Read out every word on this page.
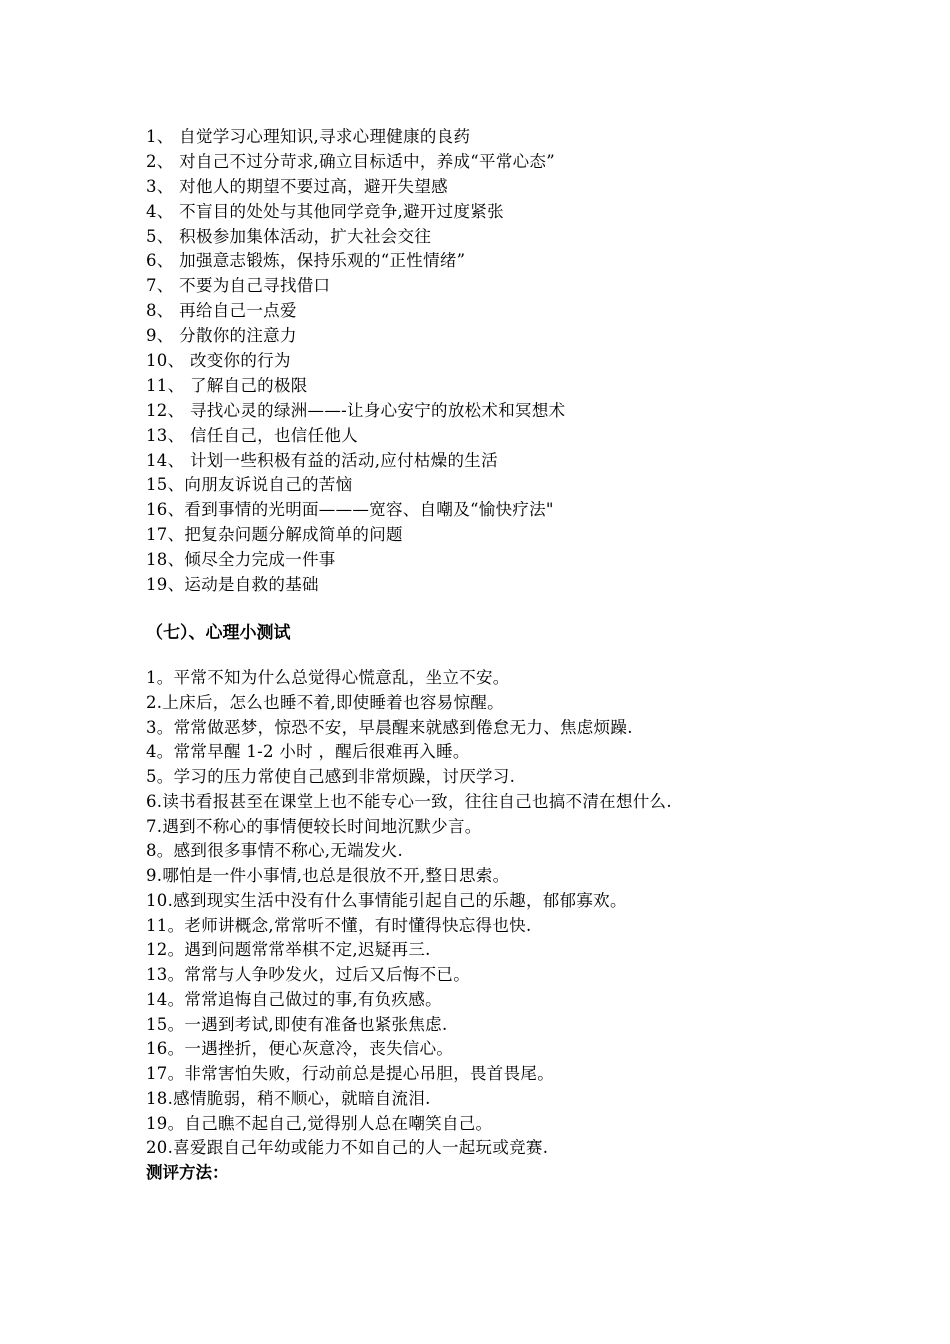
1、 自觉学习心理知识,寻求心理健康的良药
2、 对自己不过分苛求,确立目标适中，养成“平常心态”
3、 对他人的期望不要过高，避开失望感
4、 不盲目的处处与其他同学竞争,避开过度紧张
5、 积极参加集体活动，扩大社会交往
6、 加强意志锻炼，保持乐观的“正性情绪”
7、 不要为自己寻找借口
8、 再给自己一点爱
9、 分散你的注意力
10、 改变你的行为
11、 了解自己的极限
12、 寻找心灵的绿洲——-让身心安宁的放松术和冥想术
13、 信任自己，也信任他人
14、 计划一些积极有益的活动,应付枯燥的生活
15、向朋友诉说自己的苦恼
16、看到事情的光明面———宽容、自嘲及“愉快疗法"
17、把复杂问题分解成简单的问题
18、倾尽全力完成一件事
19、运动是自救的基础
（七）、心理小测试
1。平常不知为什么总觉得心慌意乱，坐立不安。
2.上床后，怎么也睡不着,即使睡着也容易惊醒。
3。常常做恶梦，惊恐不安，早晨醒来就感到倦怠无力、焦虑烦躁.
4。常常早醒 1-2 小时 ，醒后很难再入睡。
5。学习的压力常使自己感到非常烦躁，讨厌学习.
6.读书看报甚至在课堂上也不能专心一致，往往自己也搞不清在想什么.
7.遇到不称心的事情便较长时间地沉默少言。
8。感到很多事情不称心,无端发火.
9.哪怕是一件小事情,也总是很放不开,整日思索。
10.感到现实生活中没有什么事情能引起自己的乐趣，郁郁寡欢。
11。老师讲概念,常常听不懂，有时懂得快忘得也快.
12。遇到问题常常举棋不定,迟疑再三.
13。常常与人争吵发火，过后又后悔不已。
14。常常追悔自己做过的事,有负疚感。
15。一遇到考试,即使有准备也紧张焦虑.
16。一遇挫折，便心灰意冷，丧失信心。
17。非常害怕失败，行动前总是提心吊胆，畏首畏尾。
18.感情脆弱，稍不顺心，就暗自流泪.
19。自己瞧不起自己,觉得别人总在嘲笑自己。
20.喜爱跟自己年幼或能力不如自己的人一起玩或竞赛.
测评方法：
